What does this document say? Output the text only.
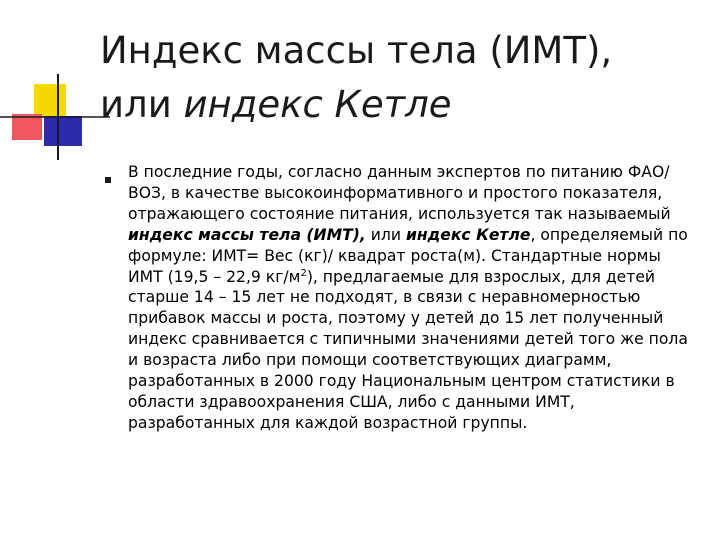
Индекс массы тела (ИМТ),
или индекс Кетле

В последние годы, согласно данным экспертов по питанию ФАО/ВОЗ, в качестве высокоинформативного и простого показателя, отражающего состояние питания, используется так называемый индекс массы тела (ИМТ), или индекс Кетле, определяемый по формуле: ИМТ= Вес (кг)/ квадрат роста(м). Стандартные нормы ИМТ (19,5 – 22,9 $кг/м^2$), предлагаемые для взрослых, для детей старше 14 – 15 лет не подходят, в связи с неравномерностью прибавок массы и роста, поэтому у детей до 15 лет полученный индекс сравнивается с типичными значениями детей того же пола и возраста либо при помощи соответствующих диаграмм, разработанных в 2000 году Национальным центром статистики в области здравоохранения США, либо с данными ИМТ, разработанных для каждой возрастной группы.
